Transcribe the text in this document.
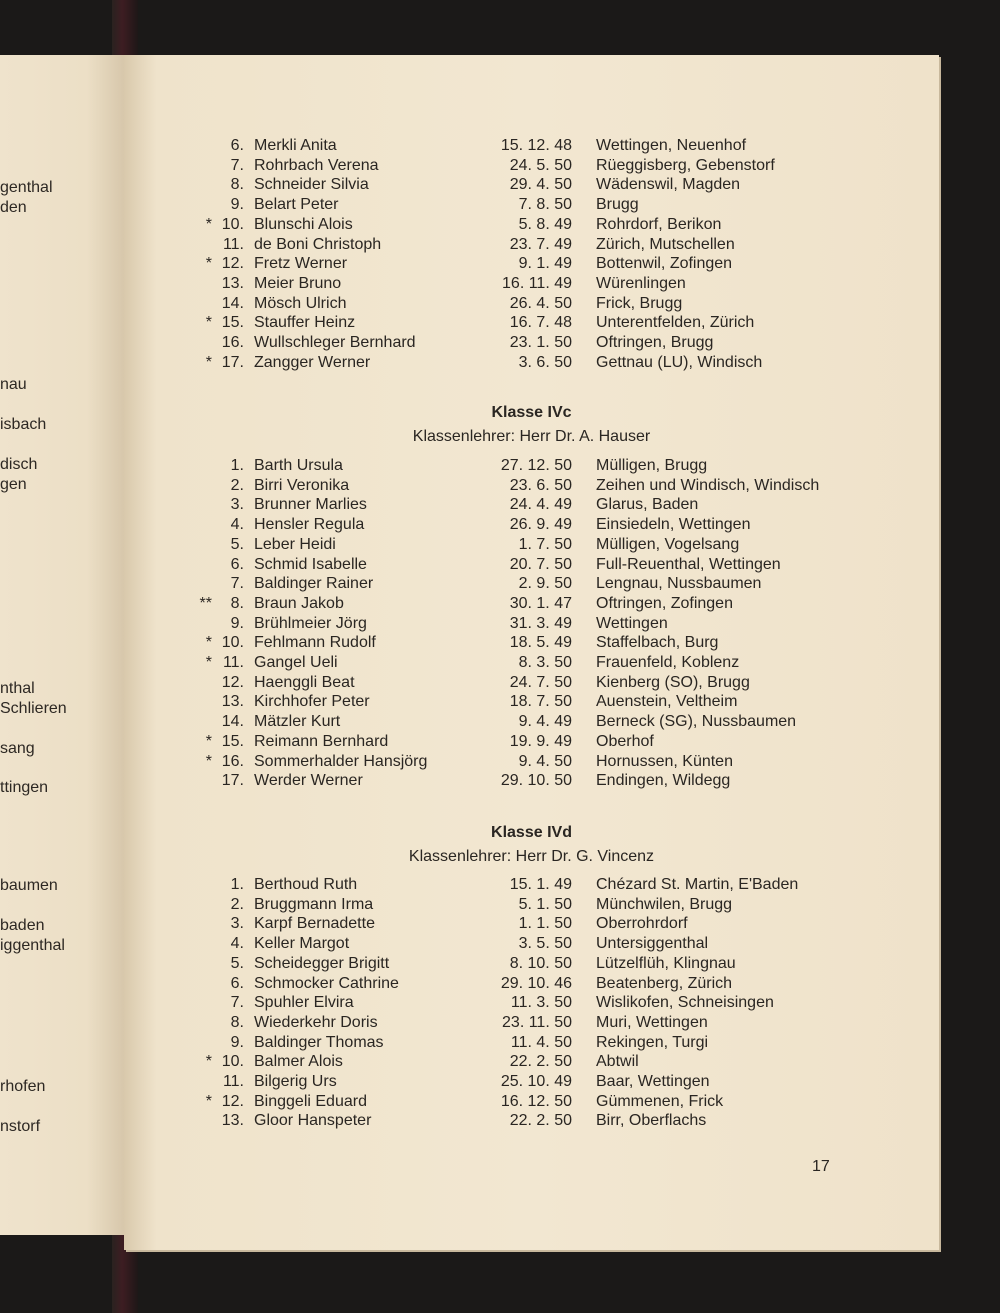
genthal
den
nau
isbach
disch
gen
nthal
Schlieren
sang
ttingen
baumen
baden
iggenthal
rhofen
nstorf
6. Merkli Anita	15. 12. 48 Wettingen, Neuenhof
7. Rohrbach Verena	24. 5. 50 Rüeggisberg, Gebenstorf
8. Schneider Silvia	29. 4. 50 Wädenswil, Magden
9. Belart Peter	7. 8. 50 Brugg
* 10. Blunschi Alois	5. 8. 49 Rohrdorf, Berikon
11. de Boni Christoph	23. 7. 49 Zürich, Mutschellen
* 12. Fretz Werner	9. 1. 49 Bottenwil, Zofingen
13. Meier Bruno	16. 11. 49 Würenlingen
14. Mösch Ulrich	26. 4. 50 Frick, Brugg
* 15. Stauffer Heinz	16. 7. 48 Unterentfelden, Zürich
16. Wullschleger Bernhard	23. 1. 50 Oftringen, Brugg
* 17. Zangger Werner	3. 6. 50 Gettnau (LU), Windisch
Klasse IVc
Klassenlehrer: Herr Dr. A. Hauser
1. Barth Ursula	27. 12. 50 Mülligen, Brugg
2. Birri Veronika	23. 6. 50 Zeihen und Windisch, Windisch
3. Brunner Marlies	24. 4. 49 Glarus, Baden
4. Hensler Regula	26. 9. 49 Einsiedeln, Wettingen
5. Leber Heidi	1. 7. 50 Mülligen, Vogelsang
6. Schmid Isabelle	20. 7. 50 Full-Reuenthal, Wettingen
7. Baldinger Rainer	2. 9. 50 Lengnau, Nussbaumen
**	8. Braun Jakob	30. 1. 47 Oftringen, Zofingen
9. Brühlmeier Jörg	31. 3. 49 Wettingen
* 10. Fehlmann Rudolf	18. 5. 49 Staffelbach, Burg
* 11. Gangel Ueli	8. 3. 50 Frauenfeld, Koblenz
12. Haenggli Beat	24. 7. 50 Kienberg (SO), Brugg
13. Kirchhofer Peter	18. 7. 50 Auenstein, Veltheim
14. Mätzler Kurt	9. 4. 49 Berneck (SG), Nussbaumen
* 15. Reimann Bernhard	19. 9. 49 Oberhof
* 16. Sommerhalder Hansjörg	9. 4. 50 Hornussen, Künten
17. Werder Werner	29. 10. 50 Endingen, Wildegg
Klasse IVd
Klassenlehrer: Herr Dr. G. Vincenz
1. Berthoud Ruth	15. 1. 49 Chézard St. Martin, E'Baden
2. Bruggmann Irma	5. 1. 50 Münchwilen, Brugg
3. Karpf Bernadette	1. 1. 50 Oberrohrdorf
4. Keller Margot	3. 5. 50 Untersiggenthal
5. Scheidegger Brigitt	8. 10. 50 Lützelflüh, Klingnau
6. Schmocker Cathrine	29. 10. 46 Beatenberg, Zürich
7. Spuhler Elvira	11. 3. 50 Wislikofen, Schneisingen
8. Wiederkehr Doris	23. 11. 50 Muri, Wettingen
9. Baldinger Thomas	11. 4. 50 Rekingen, Turgi
* 10. Balmer Alois	22. 2. 50 Abtwil
11. Bilgerig Urs	25. 10. 49 Baar, Wettingen
* 12. Binggeli Eduard	16. 12. 50 Gümmenen, Frick
13. Gloor Hanspeter	22. 2. 50 Birr, Oberflachs
17
